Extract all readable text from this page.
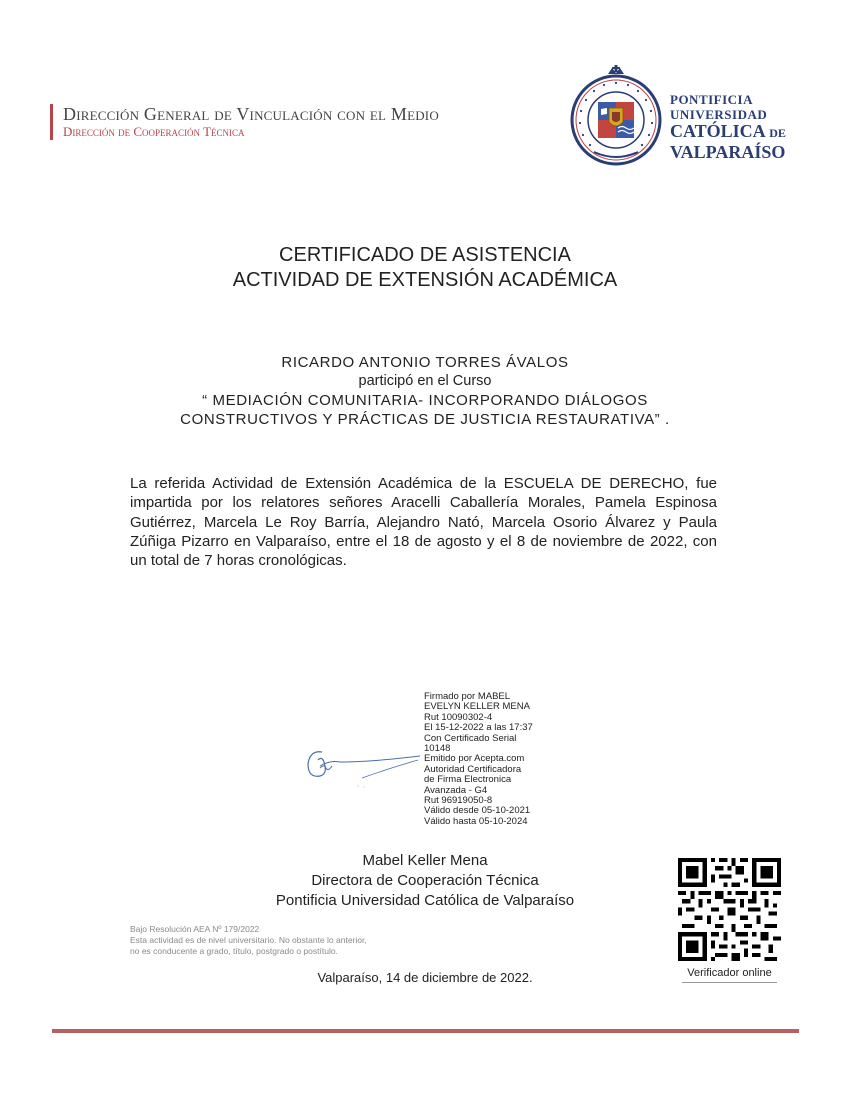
Dirección General de Vinculación con el Medio
Dirección de Cooperación Técnica
PONTIFICIA
UNIVERSIDAD
CATÓLICA DE
VALPARAÍSO
CERTIFICADO DE ASISTENCIA
ACTIVIDAD DE EXTENSIÓN ACADÉMICA
RICARDO ANTONIO TORRES ÁVALOS
participó en el Curso
“ MEDIACIÓN COMUNITARIA- INCORPORANDO DIÁLOGOS
CONSTRUCTIVOS Y PRÁCTICAS DE JUSTICIA RESTAURATIVA” .
La referida Actividad de Extensión Académica de la ESCUELA DE DERECHO, fue impartida por los relatores señores Aracelli Caballería Morales, Pamela Espinosa Gutiérrez, Marcela Le Roy Barría, Alejandro Nató, Marcela Osorio Álvarez y Paula Zúñiga Pizarro en Valparaíso, entre el 18 de agosto y el 8 de noviembre de 2022, con un total de 7 horas cronológicas.
Firmado por MABEL
EVELYN KELLER MENA
Rut 10090302-4
El 15-12-2022 a las 17:37
Con Certificado Serial
10148
Emitido por Acepta.com
Autoridad Certificadora
de Firma Electronica
Avanzada - G4
Rut 96919050-8
Válido desde 05-10-2021
Válido hasta 05-10-2024
Mabel Keller Mena
Directora de Cooperación Técnica
Pontificia Universidad Católica de Valparaíso
Bajo Resolución AEA Nº 179/2022
Esta actividad es de nivel universitario. No obstante lo anterior,
no es conducente a grado, título, postgrado o postítulo.
Valparaíso, 14 de diciembre de 2022.	Verificador online
